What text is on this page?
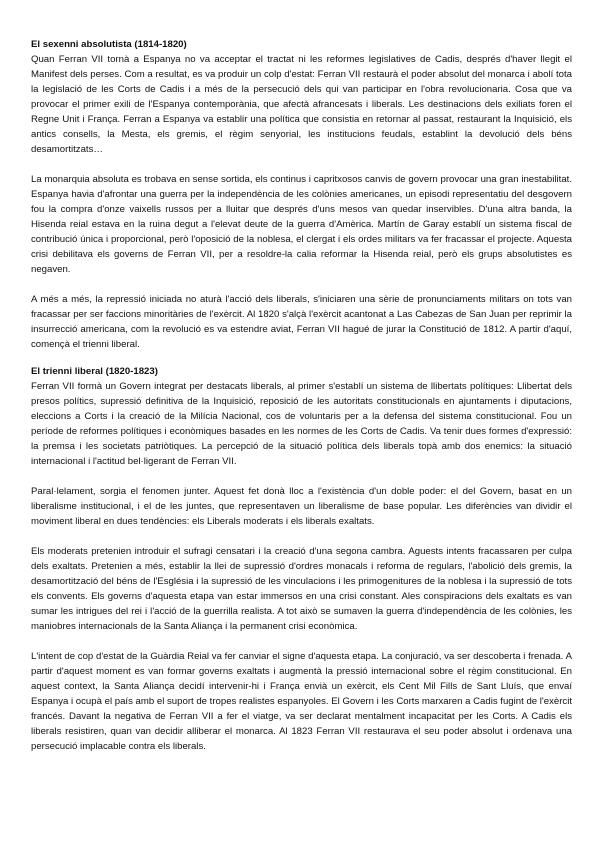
El sexenni absolutista (1814-1820)

Quan Ferran VII tornà a Espanya no va acceptar el tractat ni les reformes legislatives de Cadis, després d'haver llegit el Manifest dels perses. Com a resultat, es va produir un colp d'estat: Ferran VII restaurà el poder absolut del monarca i abolí tota la legislació de les Corts de Cadis i a més de la persecució dels qui van participar en l'obra revolucionaria. Cosa que va provocar el primer exili de l'Espanya contemporània, que afectà afrancesats i liberals. Les destinacions dels exiliats foren el Regne Unit i França. Ferran a Espanya va establir una política que consistia en retornar al passat, restaurant la Inquisició, els antics consells, la Mesta, els gremis, el règim senyorial, les institucions feudals, establint la devolució dels béns desamortitzats…

La monarquia absoluta es trobava en sense sortida, els continus i capritxosos canvis de govern provocar una gran inestabilitat. Espanya havia d'afrontar una guerra per la independència de les colònies americanes, un episodi representatiu del desgovern fou la compra d'onze vaixells russos per a lluitar que després d'uns mesos van quedar inservibles. D'una altra banda, la Hisenda reial estava en la ruina degut a l'elevat deute de la guerra d'Amèrica. Martín de Garay establí un sistema fiscal de contribució única i proporcional, però l'oposició de la noblesa, el clergat i els ordes militars va fer fracassar el projecte. Aquesta crisi debilitava els governs de Ferran VII, per a resoldre-la calia reformar la Hisenda reial, però els grups absolutistes es negaven.

A més a més, la repressió iniciada no aturà l'acció dels liberals, s'iniciaren una sèrie de pronunciaments militars on tots van fracassar per ser faccions minoritàries de l'exèrcit. Al 1820 s'alçà l'exèrcit acantonat a Las Cabezas de San Juan per reprimir la insurrecció americana, com la revolució es va estendre aviat, Ferran VII hagué de jurar la Constitució de 1812. A partir d'aquí, començà el trienni liberal.

El trienni liberal (1820-1823)

Ferran VII formà un Govern integrat per destacats liberals, al primer s'establí un sistema de llibertats polítiques: Llibertat dels presos polítics, supressió definitiva de la Inquisició, reposició de les autoritats constitucionals en ajuntaments i diputacions, eleccions a Corts i la creació de la Milícia Nacional, cos de voluntaris per a la defensa del sistema constitucional. Fou un període de reformes polítiques i econòmiques basades en les normes de les Corts de Cadis. Va tenir dues formes d'expressió: la premsa i les societats patriòtiques. La percepció de la situació política dels liberals topà amb dos enemics: la situació internacional i l'actitud bel·ligerant de Ferran VII.

Paral·lelament, sorgia el fenomen junter. Aquest fet donà lloc a l'existència d'un doble poder: el del Govern, basat en un liberalisme institucional, i el de les juntes, que representaven un liberalisme de base popular. Les diferències van dividir el moviment liberal en dues tendències: els Liberals moderats i els liberals exaltats.

Els moderats pretenien introduir el sufragi censatari i la creació d'una segona cambra. Aguests intents fracassaren per culpa dels exaltats. Pretenien a més, establir la llei de supressió d'ordres monacals i reforma de regulars, l'abolició dels gremis, la desamortització del béns de l'Església i la supressió de les vinculacions i les primogenitures de la noblesa i la supressió de tots els convents. Els governs d'aquesta etapa van estar immersos en una crisi constant. Ales conspiracions dels exaltats es van sumar les intrigues del rei i l'acció de la guerrilla realista. A tot això se sumaven la guerra d'independència de les colònies, les maniobres internacionals de la Santa Aliança i la permanent crisi econòmica.

L'intent de cop d'estat de la Guàrdia Reial va fer canviar el signe d'aquesta etapa. La conjuració, va ser descoberta i frenada. A partir d'aquest moment es van formar governs exaltats i augmentà la pressió internacional sobre el règim constitucional. En aquest context, la Santa Aliança decidí intervenir-hi i França envià un exèrcit, els Cent Mil Fills de Sant Lluís, que envaí Espanya i ocupà el país amb el suport de tropes realistes espanyoles. El Govern i les Corts marxaren a Cadis fugint de l'exèrcit francés. Davant la negativa de Ferran VII a fer el viatge, va ser declarat mentalment incapacitat per les Corts. A Cadis els liberals resistiren, quan van decidir alliberar el monarca. Al 1823 Ferran VII restaurava el seu poder absolut i ordenava una persecució implacable contra els liberals.
